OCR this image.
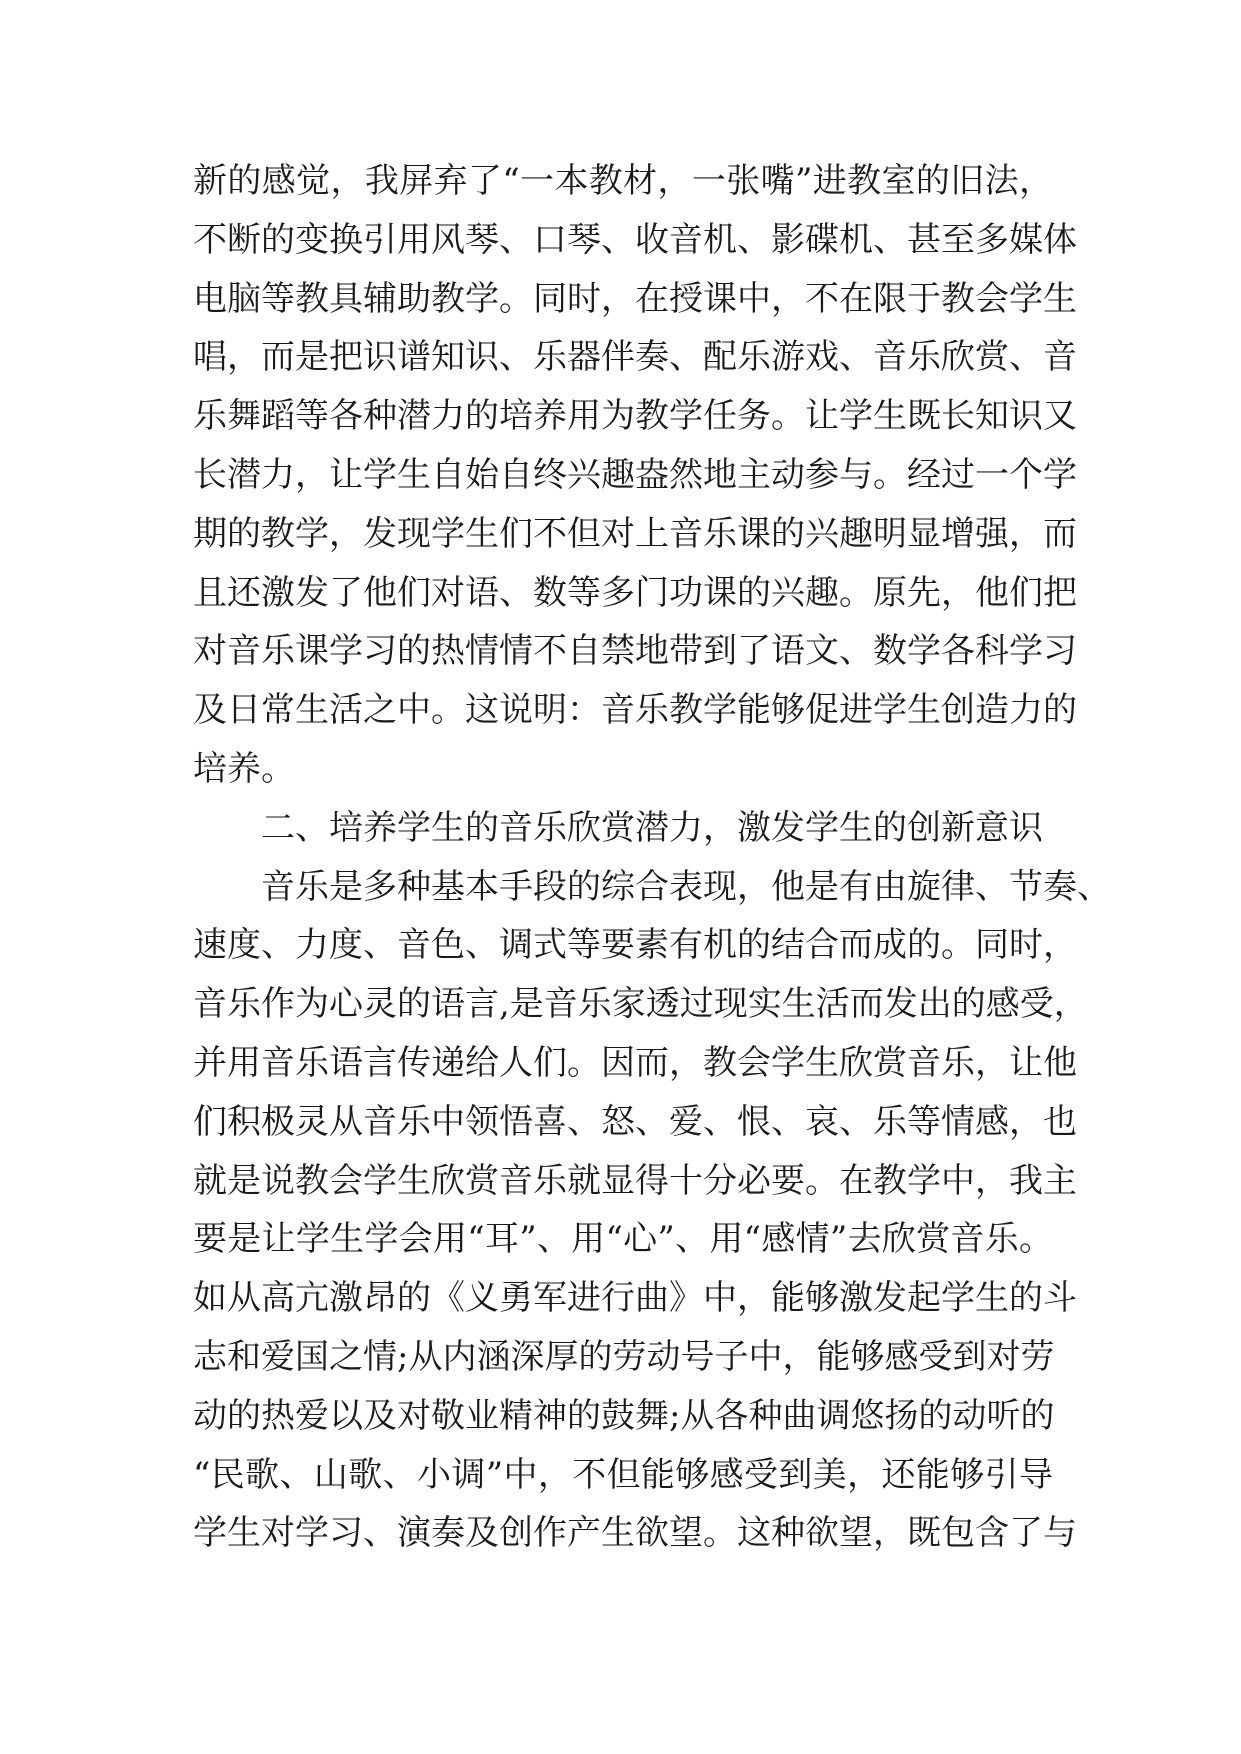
新的感觉，我屏弃了“一本教材，一张嘴”进教室的旧法，
不断的变换引用风琴、口琴、收音机、影碟机、甚至多媒体
电脑等教具辅助教学。同时，在授课中，不在限于教会学生
唱，而是把识谱知识、乐器伴奏、配乐游戏、音乐欣赏、音
乐舞蹈等各种潜力的培养用为教学任务。让学生既长知识又
长潜力，让学生自始自终兴趣盎然地主动参与。经过一个学
期的教学，发现学生们不但对上音乐课的兴趣明显增强，而
且还激发了他们对语、数等多门功课的兴趣。原先，他们把
对音乐课学习的热情情不自禁地带到了语文、数学各科学习
及日常生活之中。这说明：音乐教学能够促进学生创造力的
培养。
二、培养学生的音乐欣赏潜力，激发学生的创新意识
音乐是多种基本手段的综合表现，他是有由旋律、节奏、
速度、力度、音色、调式等要素有机的结合而成的。同时，
音乐作为心灵的语言,是音乐家透过现实生活而发出的感受，
并用音乐语言传递给人们。因而，教会学生欣赏音乐，让他
们积极灵从音乐中领悟喜、怒、爱、恨、哀、乐等情感，也
就是说教会学生欣赏音乐就显得十分必要。在教学中，我主
要是让学生学会用“耳”、用“心”、用“感情”去欣赏音乐。
如从高亢激昂的《义勇军进行曲》中，能够激发起学生的斗
志和爱国之情;从内涵深厚的劳动号子中，能够感受到对劳
动的热爱以及对敬业精神的鼓舞;从各种曲调悠扬的动听的
“民歌、山歌、小调”中，不但能够感受到美，还能够引导
学生对学习、演奏及创作产生欲望。这种欲望，既包含了与
